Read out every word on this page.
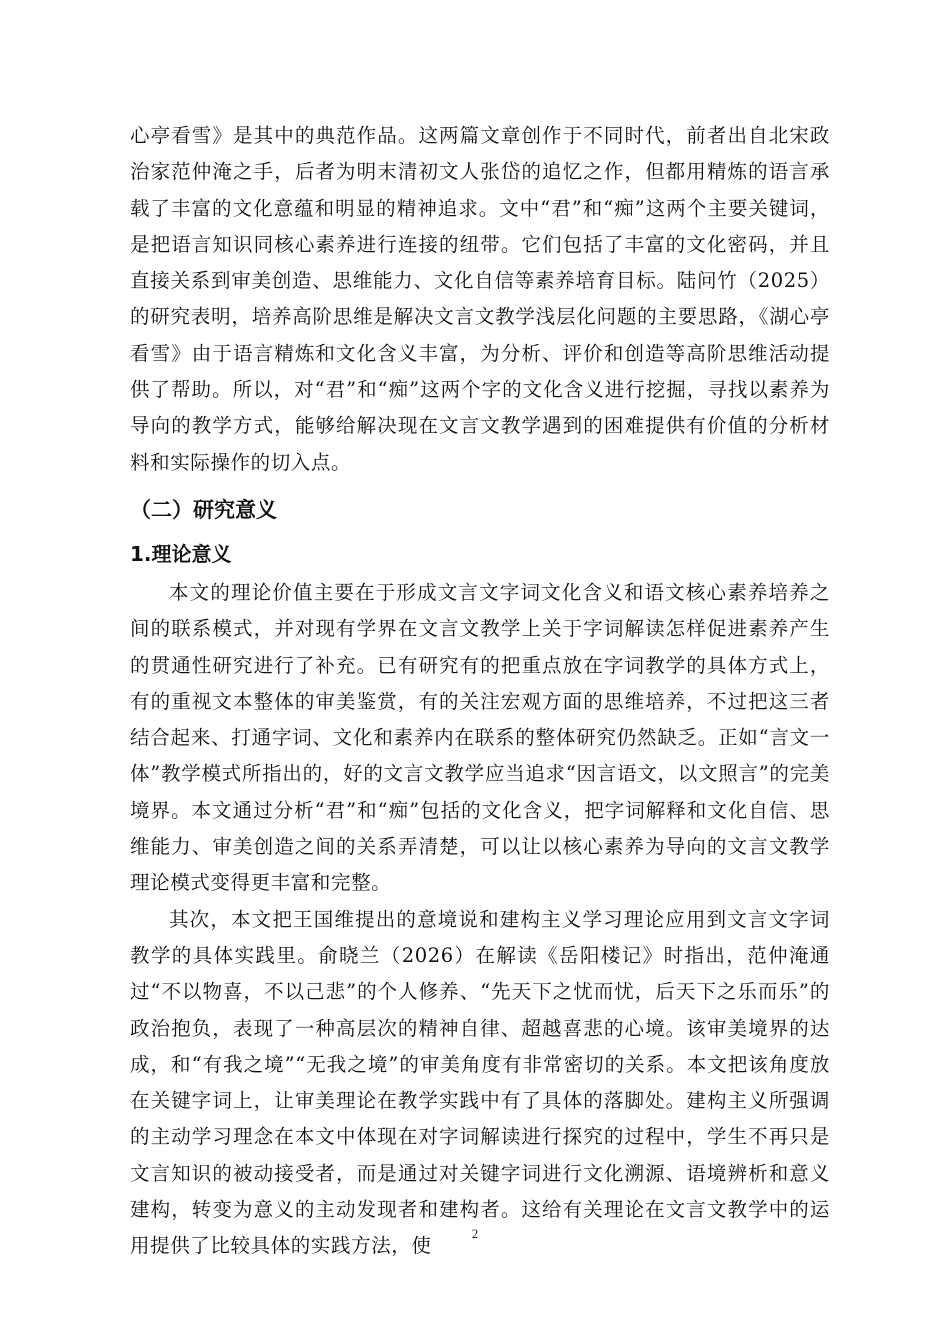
心亭看雪》是其中的典范作品。这两篇文章创作于不同时代，前者出自北宋政治家范仲淹之手，后者为明末清初文人张岱的追忆之作，但都用精炼的语言承载了丰富的文化意蕴和明显的精神追求。文中“君”和“痴”这两个主要关键词，是把语言知识同核心素养进行连接的纽带。它们包括了丰富的文化密码，并且直接关系到审美创造、思维能力、文化自信等素养培育目标。陆问竹（2025）的研究表明，培养高阶思维是解决文言文教学浅层化问题的主要思路，《湖心亭看雪》由于语言精炼和文化含义丰富，为分析、评价和创造等高阶思维活动提供了帮助。所以，对“君”和“痴”这两个字的文化含义进行挖掘，寻找以素养为导向的教学方式，能够给解决现在文言文教学遇到的困难提供有价值的分析材料和实际操作的切入点。

（二）研究意义
1.理论意义

本文的理论价值主要在于形成文言文字词文化含义和语文核心素养培养之间的联系模式，并对现有学界在文言文教学上关于字词解读怎样促进素养产生的贯通性研究进行了补充。已有研究有的把重点放在字词教学的具体方式上，有的重视文本整体的审美鉴赏，有的关注宏观方面的思维培养，不过把这三者结合起来、打通字词、文化和素养内在联系的整体研究仍然缺乏。正如“言文一体”教学模式所指出的，好的文言文教学应当追求“因言语文，以文照言”的完美境界。本文通过分析“君”和“痴”包括的文化含义，把字词解释和文化自信、思维能力、审美创造之间的关系弄清楚，可以让以核心素养为导向的文言文教学理论模式变得更丰富和完整。

其次，本文把王国维提出的意境说和建构主义学习理论应用到文言文字词教学的具体实践里。俞晓兰（2026）在解读《岳阳楼记》时指出，范仲淹通过“不以物喜，不以己悲”的个人修养、“先天下之忧而忧，后天下之乐而乐”的政治抱负，表现了一种高层次的精神自律、超越喜悲的心境。该审美境界的达成，和“有我之境”“无我之境”的审美角度有非常密切的关系。本文把该角度放在关键字词上，让审美理论在教学实践中有了具体的落脚处。建构主义所强调的主动学习理念在本文中体现在对字词解读进行探究的过程中，学生不再只是文言知识的被动接受者，而是通过对关键字词进行文化溯源、语境辨析和意义建构，转变为意义的主动发现者和建构者。这给有关理论在文言文教学中的运用提供了比较具体的实践方法，使

2
